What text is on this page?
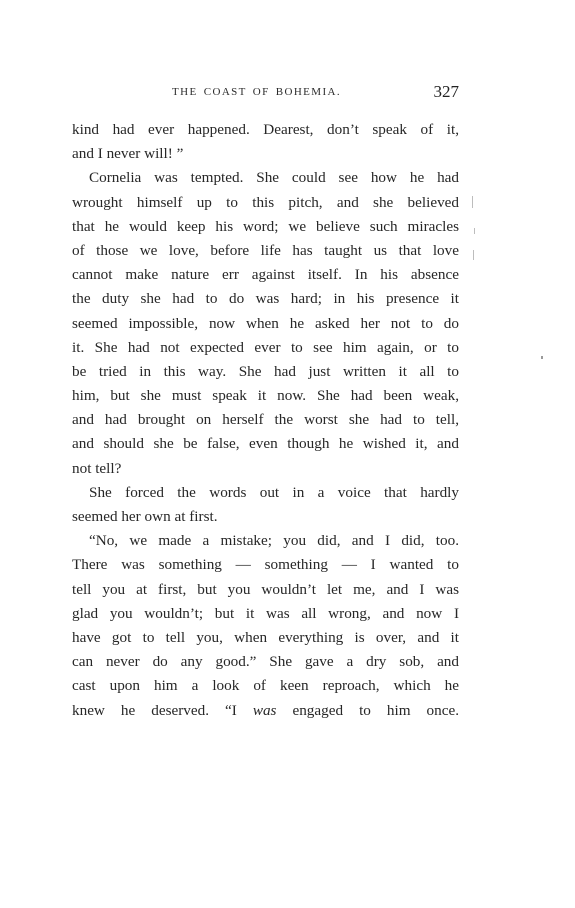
THE COAST OF BOHEMIA.	327
kind had ever happened. Dearest, don’t speak of it,
and I never will! ”
Cornelia was tempted. She could see how he had
wrought himself up to this pitch, and she believed
that he would keep his word; we believe such miracles
of those we love, before life has taught us that love
cannot make nature err against itself. In his absence
the duty she had to do was hard; in his presence it
seemed impossible, now when he asked her not to do
it. She had not expected ever to see him again, or to
be tried in this way. She had just written it all to
him, but she must speak it now. She had been weak,
and had brought on herself the worst she had to tell,
and should she be false, even though he wished it, and
not tell?
She forced the words out in a voice that hardly
seemed her own at first.
“No, we made a mistake; you did, and I did, too.
There was something — something — I wanted to
tell you at first, but you wouldn’t let me, and I was
glad you wouldn’t; but it was all wrong, and now I
have got to tell you, when everything is over, and it
can never do any good.” She gave a dry sob, and
cast upon him a look of keen reproach, which he
knew he deserved. “I was engaged to him once.
